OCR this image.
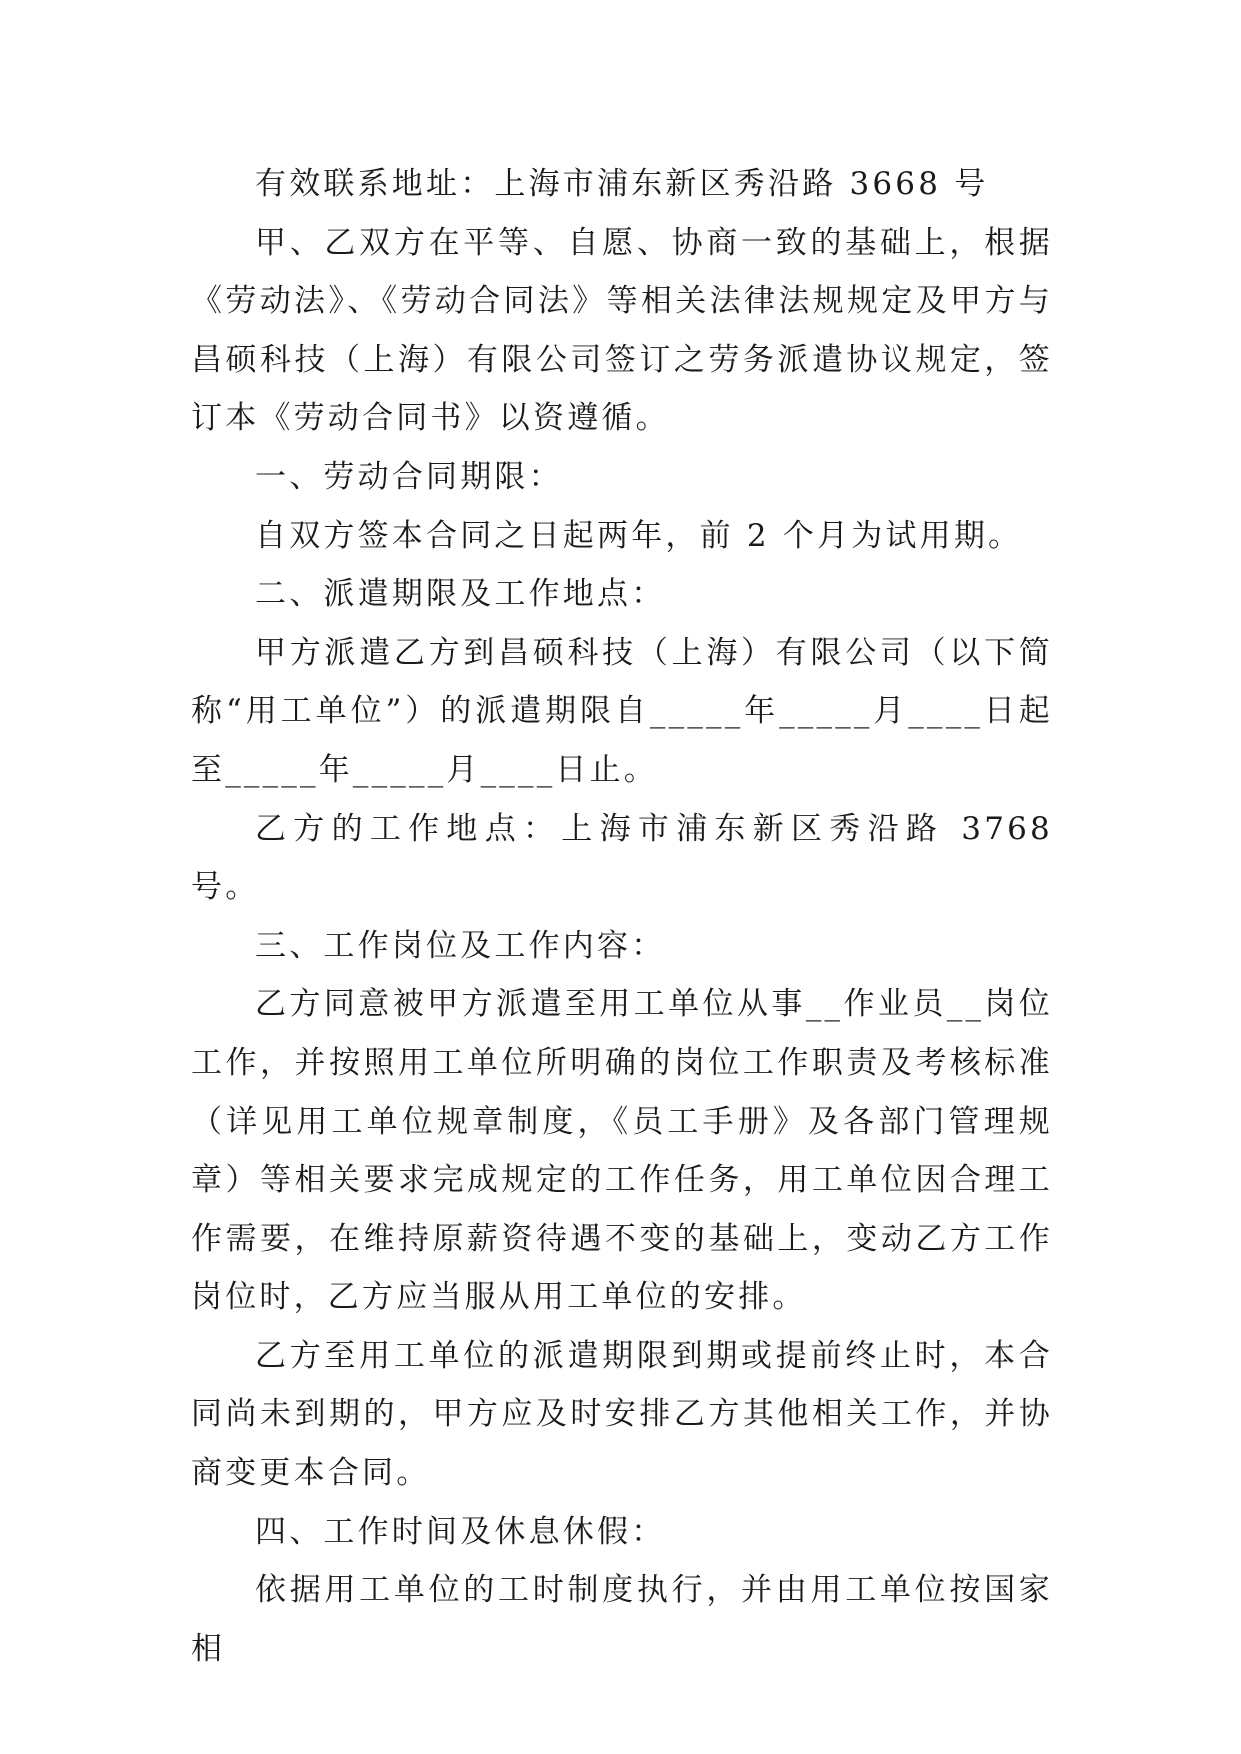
有效联系地址：上海市浦东新区秀沿路 3668 号

甲、乙双方在平等、自愿、协商一致的基础上，根据《劳动法》、《劳动合同法》等相关法律法规规定及甲方与昌硕科技（上海）有限公司签订之劳务派遣协议规定，签订本《劳动合同书》以资遵循。

一、劳动合同期限：

自双方签本合同之日起两年，前 2 个月为试用期。

二、派遣期限及工作地点：

甲方派遣乙方到昌硕科技（上海）有限公司（以下简称“用工单位”）的派遣期限自_____年_____月____日起至_____年_____月____日止。

乙方的工作地点：上海市浦东新区秀沿路 3768 号。

三、工作岗位及工作内容：

乙方同意被甲方派遣至用工单位从事__作业员__岗位工作，并按照用工单位所明确的岗位工作职责及考核标准（详见用工单位规章制度，《员工手册》及各部门管理规章）等相关要求完成规定的工作任务，用工单位因合理工作需要，在维持原薪资待遇不变的基础上，变动乙方工作岗位时，乙方应当服从用工单位的安排。

乙方至用工单位的派遣期限到期或提前终止时，本合同尚未到期的，甲方应及时安排乙方其他相关工作，并协商变更本合同。

四、工作时间及休息休假：

依据用工单位的工时制度执行，并由用工单位按国家相
